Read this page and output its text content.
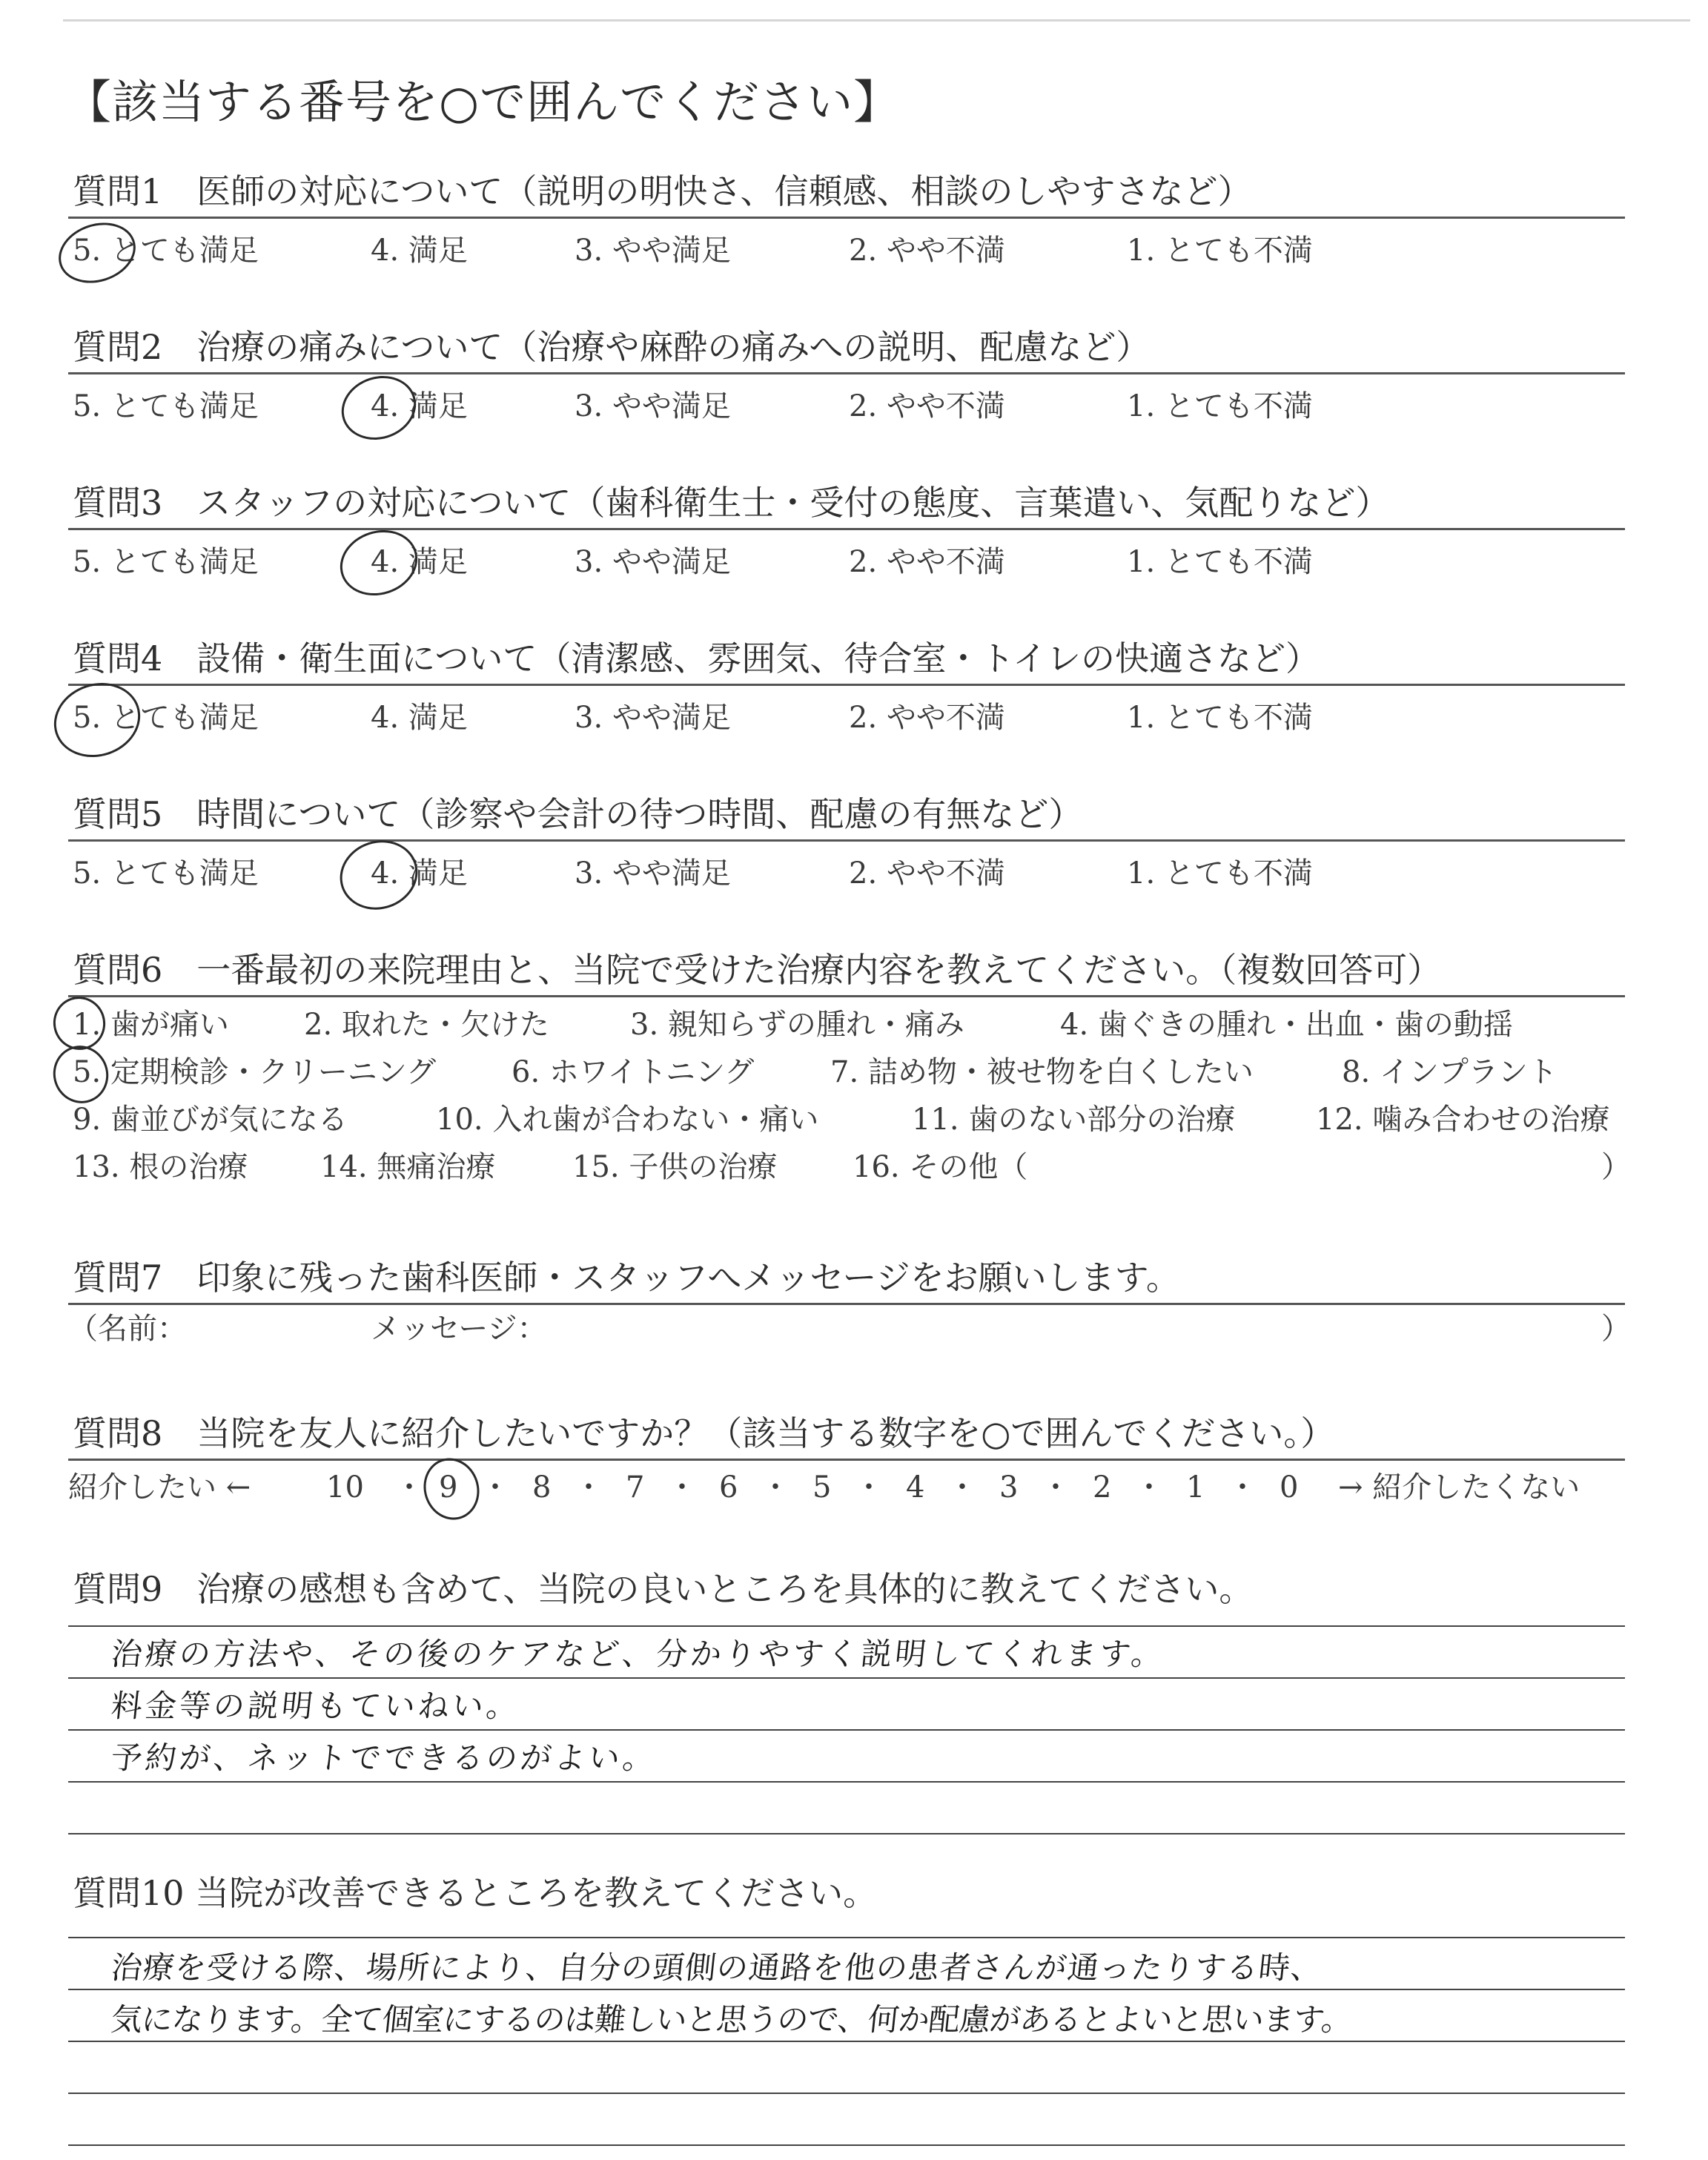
【該当する番号を○で囲んでください】
質問1　医師の対応について（説明の明快さ、信頼感、相談のしやすさなど）
5. とても満足	4. 満足	3. やや満足	2. やや不満	1. とても不満
質問2　治療の痛みについて（治療や麻酔の痛みへの説明、配慮など）
5. とても満足	4. 満足	3. やや満足	2. やや不満	1. とても不満
質問3　スタッフの対応について（歯科衛生士・受付の態度、言葉遣い、気配りなど）
5. とても満足	4. 満足	3. やや満足	2. やや不満	1. とても不満
質問4　設備・衛生面について（清潔感、雰囲気、待合室・トイレの快適さなど）
5. とても満足	4. 満足	3. やや満足	2. やや不満	1. とても不満
質問5　時間について（診察や会計の待つ時間、配慮の有無など）
5. とても満足	4. 満足	3. やや満足	2. やや不満	1. とても不満
質問6　一番最初の来院理由と、当院で受けた治療内容を教えてください。（複数回答可）
1. 歯が痛い	2. 取れた・欠けた	3. 親知らずの腫れ・痛み	4. 歯ぐきの腫れ・出血・歯の動揺
5. 定期検診・クリーニング	6. ホワイトニング	7. 詰め物・被せ物を白くしたい	8. インプラント
9. 歯並びが気になる	10. 入れ歯が合わない・痛い	11. 歯のない部分の治療	12. 噛み合わせの治療
13. 根の治療 14. 無痛治療	15. 子供の治療	16. その他（	）
質問7　印象に残った歯科医師・スタッフへメッセージをお願いします。
（名前：	メッセージ：	）
質問8　当院を友人に紹介したいですか？（該当する数字を○で囲んでください。）
紹介したい ←	10 ・ 9 ・ 8 ・ 7 ・ 6 ・ 5 ・ 4 ・ 3 ・ 2 ・ 1 ・ 0 → 紹介したくない
質問9　治療の感想も含めて、当院の良いところを具体的に教えてください。
治療の方法や、その後のケアなど、分かりやすく説明してくれます。
料金等の説明もていねい。
予約が、ネットでできるのがよい。
質問10 当院が改善できるところを教えてください。
治療を受ける際、場所により、自分の頭側の通路を他の患者さんが通ったりする時、
気になります。全て個室にするのは難しいと思うので、何か配慮があるとよいと思います。
